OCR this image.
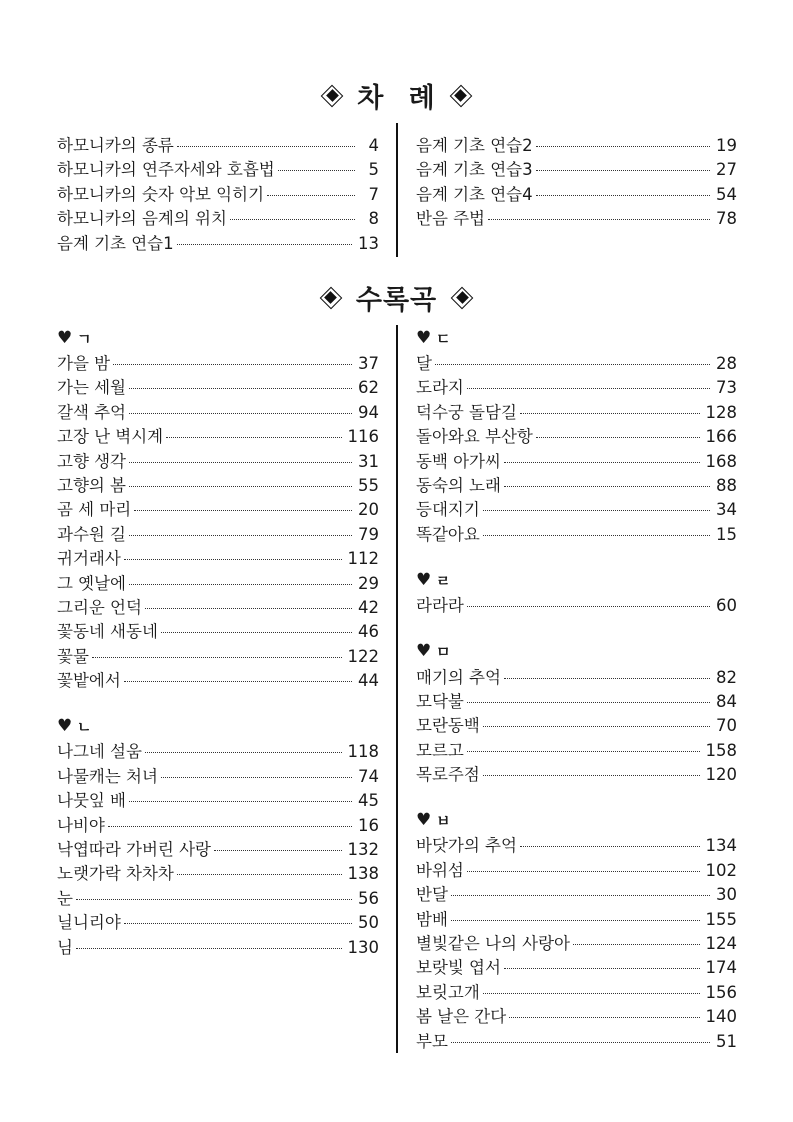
차 례
하모니카의 종류	4
하모니카의 연주자세와 호흡법	5
하모니카의 숫자 악보 익히기	7
하모니카의 음계의 위치	8
음계 기초 연습1	13
음계 기초 연습2	19
음계 기초 연습3	27
음계 기초 연습4	54
반음 주법	78
수록곡
♥ ㄱ
가을 밤	37
가는 세월	62
갈색 추억	94
고장 난 벽시계	116
고향 생각	31
고향의 봄	55
곰 세 마리	20
과수원 길	79
귀거래사	112
그 옛날에	29
그리운 언덕	42
꽃동네 새동네	46
꽃물	122
꽃밭에서	44
♥ ㄴ
나그네 설움	118
나물캐는 처녀	74
나뭇잎 배	45
나비야	16
낙엽따라 가버린 사랑	132
노랫가락 차차차	138
눈	56
닐니리야	50
님	130
♥ ㄷ
달	28
도라지	73
덕수궁 돌담길	128
돌아와요 부산항	166
동백 아가씨	168
동숙의 노래	88
등대지기	34
똑같아요	15
♥ ㄹ
라라라	60
♥ ㅁ
매기의 추억	82
모닥불	84
모란동백	70
모르고	158
목로주점	120
♥ ㅂ
바닷가의 추억	134
바위섬	102
반달	30
밤배	155
별빛같은 나의 사랑아	124
보랏빛 엽서	174
보릿고개	156
봄 날은 간다	140
부모	51
